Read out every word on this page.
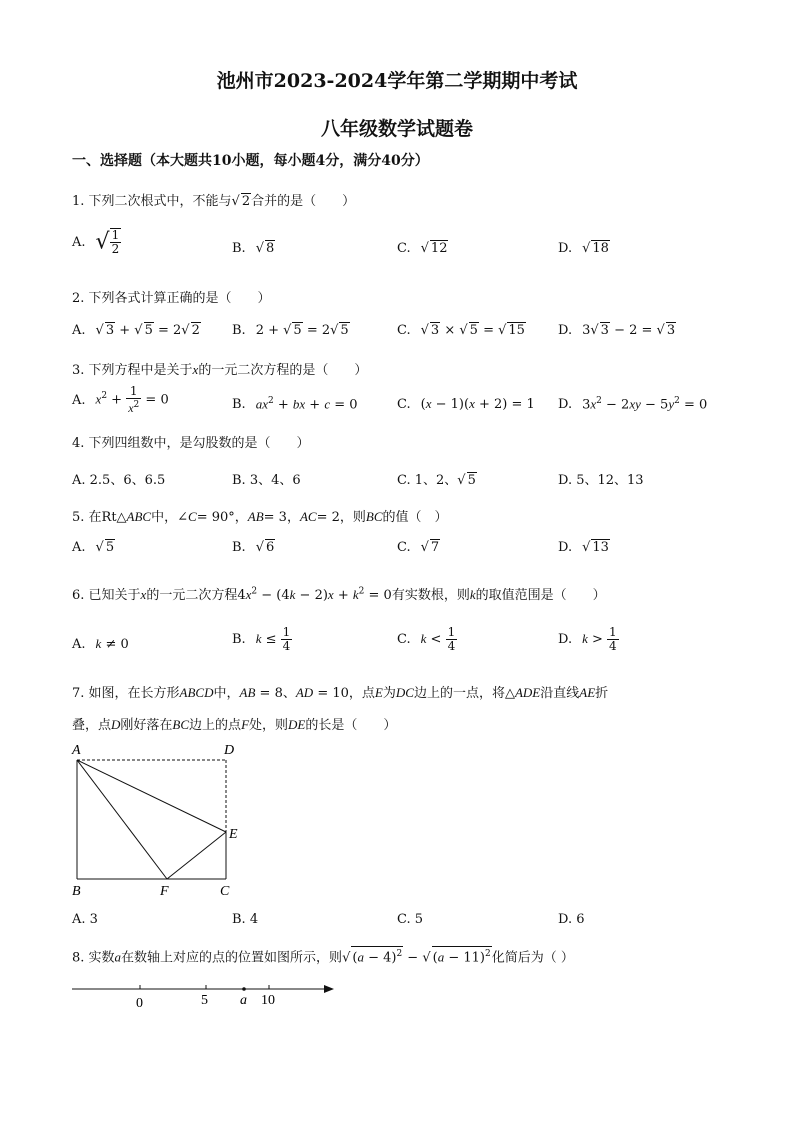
池州市2023-2024学年第二学期期中考试
八年级数学试题卷
一、选择题（本大题共10小题，每小题4分，满分40分）
1. 下列二次根式中，不能与√ 2合并的是（　　）
A. √ $\frac{1}{2}$	B. √ 8	C. √ 12	D. √ 18
2. 下列各式计算正确的是（　　）
A. √ 3 + √ 5 = 2√ 2 B. 2 + √ 5 = 2√ 5	C. √ 3 × √ 5 = √ 15	D. 3√ 3 − 2 = √ 3
3. 下列方程中是关于x的一元二次方程的是（　　）
A. $x^2 + \frac{1}{x^2} = 0$	B. $ax^2$ + bx + c = 0	C. (x − 1)(x + 2) = 1 D. $3x^2 - 2xy - 5y^2 = 0$
4. 下列四组数中，是勾股数的是（　　）
A. 2.5、6、6.5	B. 3、4、6	C. 1、2、√ 5	D. 5、12、13
5. 在Rt△ABC中，∠C= 90°，AB= 3，AC= 2，则BC的值（　）
A. √ 5	B. √ 6	C. √ 7	D. √ 13
6. 已知关于x的一元二次方程$4x^2 - (4k - 2)x + k^2 = 0$有实数根，则k的取值范围是（　　）
A. k ≠ 0	B. $k \le \frac{1}{4}$	C. $k < \frac{1}{4}$	D. $k > \frac{1}{4}$
7. 如图，在长方形ABCD中，AB = 8、AD = 10，点E为DC边上的一点，将△ADE沿直线AE折
叠，点D刚好落在BC边上的点F处，则DE的长是（　　）
A	D
E
B	F	C
A. 3	B. 4	C. 5	D. 6
8. 实数a在数轴上对应的点的位置如图所示，则√ $(a - 4)^2$ − √ $(a - 11)^2$化简后为（ ）
0	5 a 10
